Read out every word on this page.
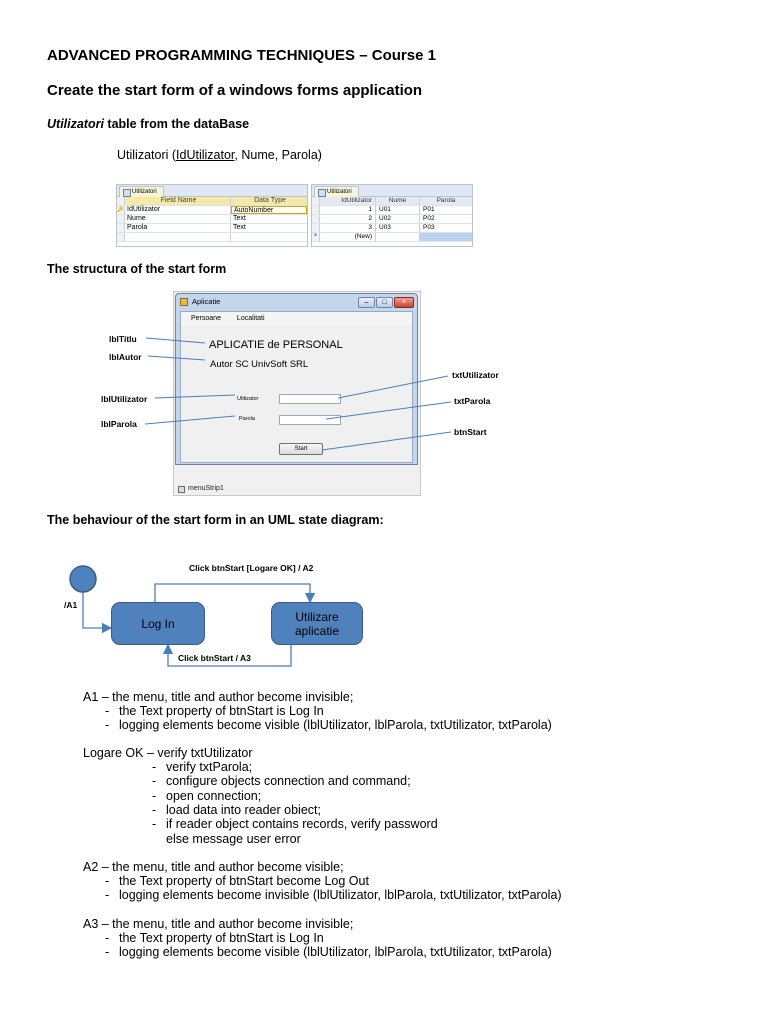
ADVANCED PROGRAMMING TECHNIQUES – Course 1
Create the start form of a windows forms application
Utilizatori table from the dataBase
Utilizatori (IdUtilizator, Nume, Parola)
Utilizatori
Field Name	Data Type
🔑 IdUtilizator	AutoNumber
Nume	Text
Parola	Text
Utilizatori
IdUtilizator	Nume	Parola
1	U01	P01
2	U02	P02
3	U03	P03
*	(New)
The structura of the start form
Aplicatie	–	□	×
Persoane Localitati
APLICATIE de PERSONAL
Autor SC UnivSoft SRL
Utilizator
Parola
Start
menuStrip1
lblTitlu
lblAutor
lblUtilizator
lblParola
txtUtilizator
txtParola
btnStart
The behaviour of the start form in an UML state diagram:
Log In	Utilizare
aplicatie
/A1
Click btnStart [Logare OK] / A2
Click btnStart / A3
A1 – the menu, title and author become invisible;
- the Text property of btnStart is Log In
- logging elements become visible (lblUtilizator, lblParola, txtUtilizator, txtParola)
Logare OK – verify txtUtilizator
- verify txtParola;
- configure objects connection and command;
- open connection;
- load data into reader obiect;
- if reader object contains records, verify password
else message user error
A2 – the menu, title and author become visible;
- the Text property of btnStart become Log Out
- logging elements become invisible (lblUtilizator, lblParola, txtUtilizator, txtParola)
A3 – the menu, title and author become invisible;
- the Text property of btnStart is Log In
- logging elements become visible (lblUtilizator, lblParola, txtUtilizator, txtParola)
